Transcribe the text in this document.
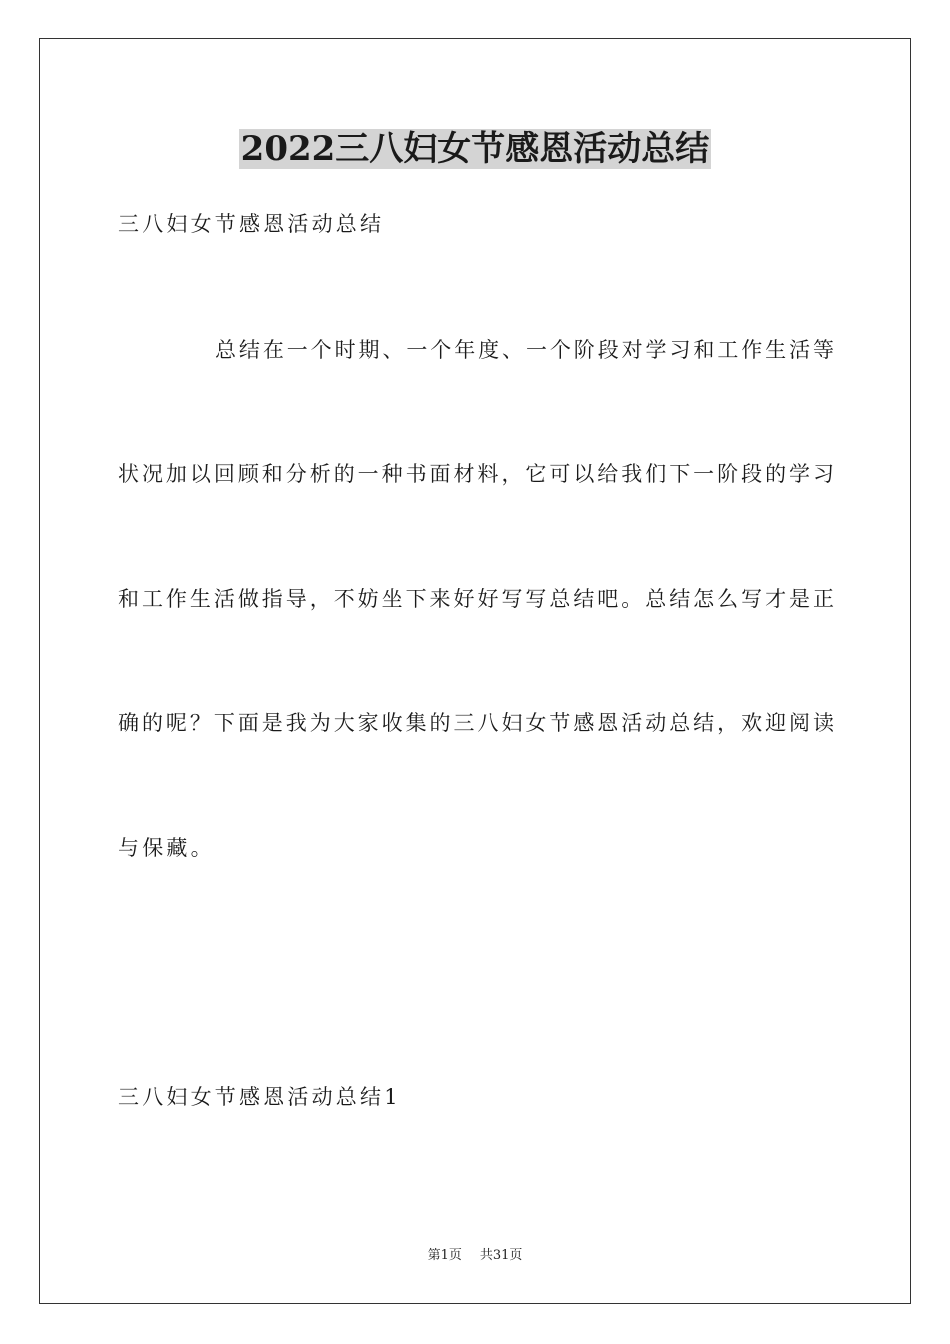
2022三八妇女节感恩活动总结
三八妇女节感恩活动总结
总结在一个时期、一个年度、一个阶段对学习和工作生活等
状况加以回顾和分析的一种书面材料，它可以给我们下一阶段的学习
和工作生活做指导，不妨坐下来好好写写总结吧。总结怎么写才是正
确的呢？下面是我为大家收集的三八妇女节感恩活动总结，欢迎阅读
与保藏。
三八妇女节感恩活动总结1
第1页 共31页
